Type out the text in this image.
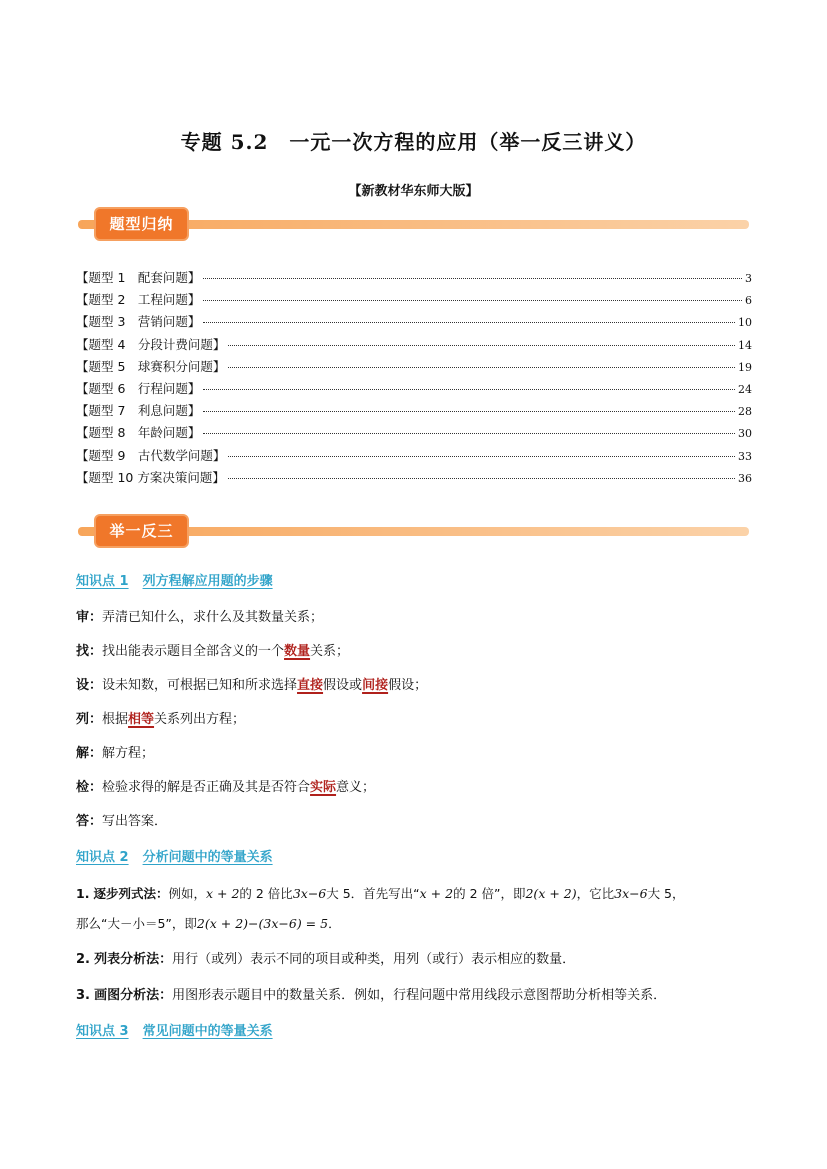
专题 5.2　一元一次方程的应用（举一反三讲义）
【新教材华东师大版】
题型归纳
【题型 1　配套问题】	3
【题型 2　工程问题】	6
【题型 3　营销问题】	10
【题型 4　分段计费问题】	14
【题型 5　球赛积分问题】	19
【题型 6　行程问题】	24
【题型 7　利息问题】	28
【题型 8　年龄问题】	30
【题型 9　古代数学问题】	33
【题型 10 方案决策问题】	36
举一反三
知识点 1 列方程解应用题的步骤
审：弄清已知什么，求什么及其数量关系；
找：找出能表示题目全部含义的一个数量关系；
设：设未知数，可根据已知和所求选择直接假设或间接假设；
列：根据相等关系列出方程；
解：解方程；
检：检验求得的解是否正确及其是否符合实际意义；
答：写出答案．
知识点 2 分析问题中的等量关系
1. 逐步列式法：例如，x + 2的 2 倍比3x−6大 5．首先写出“x + 2的 2 倍”，即2(x + 2)，它比3x−6大 5，
那么“大－小＝5”，即2(x + 2)−(3x−6) = 5．
2. 列表分析法：用行（或列）表示不同的项目或种类，用列（或行）表示相应的数量．
3. 画图分析法：用图形表示题目中的数量关系．例如，行程问题中常用线段示意图帮助分析相等关系．
知识点 3 常见问题中的等量关系
